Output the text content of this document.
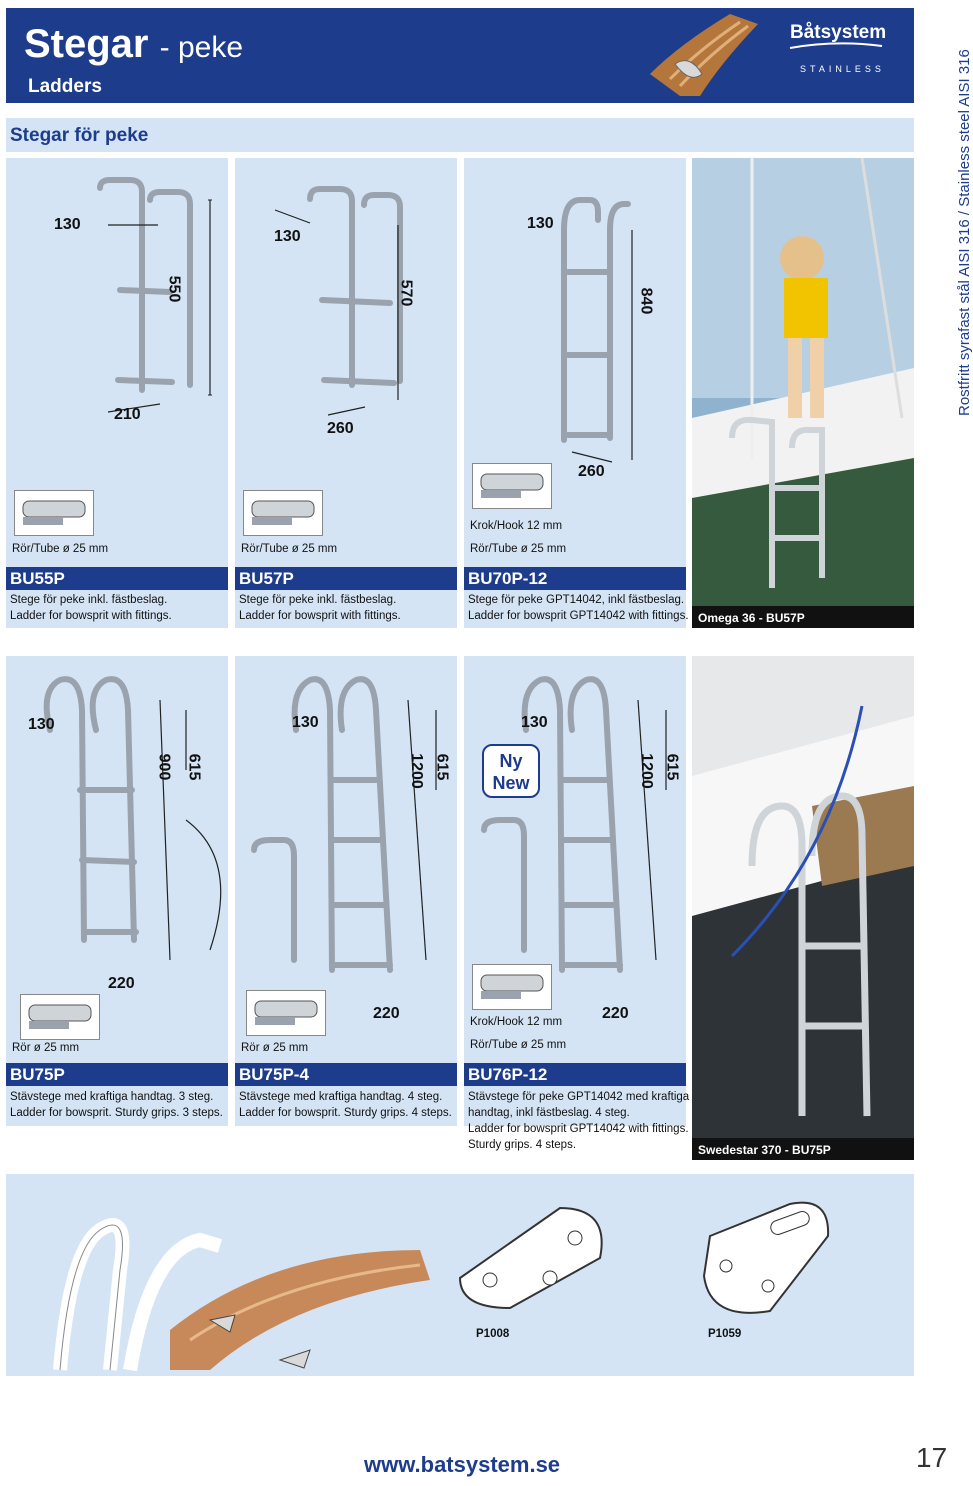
Stegar - peke
Ladders
Båtsystem
STAINLESS
Stegar för peke	Rostfritt syrafast stål AISI 316 / Stainless steel AISI 316
130
550
210
130
570
260
130
840
260
Krok/Hook 12 mm
Rör/Tube ø 25 mm	Rör/Tube ø 25 mm	Rör/Tube ø 25 mm
BU55P	BU57P	BU70P-12
Stege för peke inkl. fästbeslag.
Ladder for bowsprit with fittings.
Stege för peke inkl. fästbeslag.
Ladder for bowsprit with fittings.
Stege för peke GPT14042, inkl fästbeslag.
Ladder for bowsprit GPT14042 with fittings. Omega 36 - BU57P
130
900 615
220
130
1200 615
220
130
1200 615
220
Ny
New
Krok/Hook 12 mm
Rör ø 25 mm	Rör ø 25 mm	Rör/Tube ø 25 mm
BU75P	BU75P-4	BU76P-12
Stävstege med kraftiga handtag. 3 steg.
Ladder for bowsprit. Sturdy grips. 3 steps.
Stävstege med kraftiga handtag. 4 steg.
Ladder for bowsprit. Sturdy grips. 4 steps.
Stävstege för peke GPT14042 med kraftiga
handtag, inkl fästbeslag. 4 steg.
Ladder for bowsprit GPT14042 with fittings.
Sturdy grips. 4 steps.	Swedestar 370 - BU75P
P1008	P1059
www.batsystem.se	17
